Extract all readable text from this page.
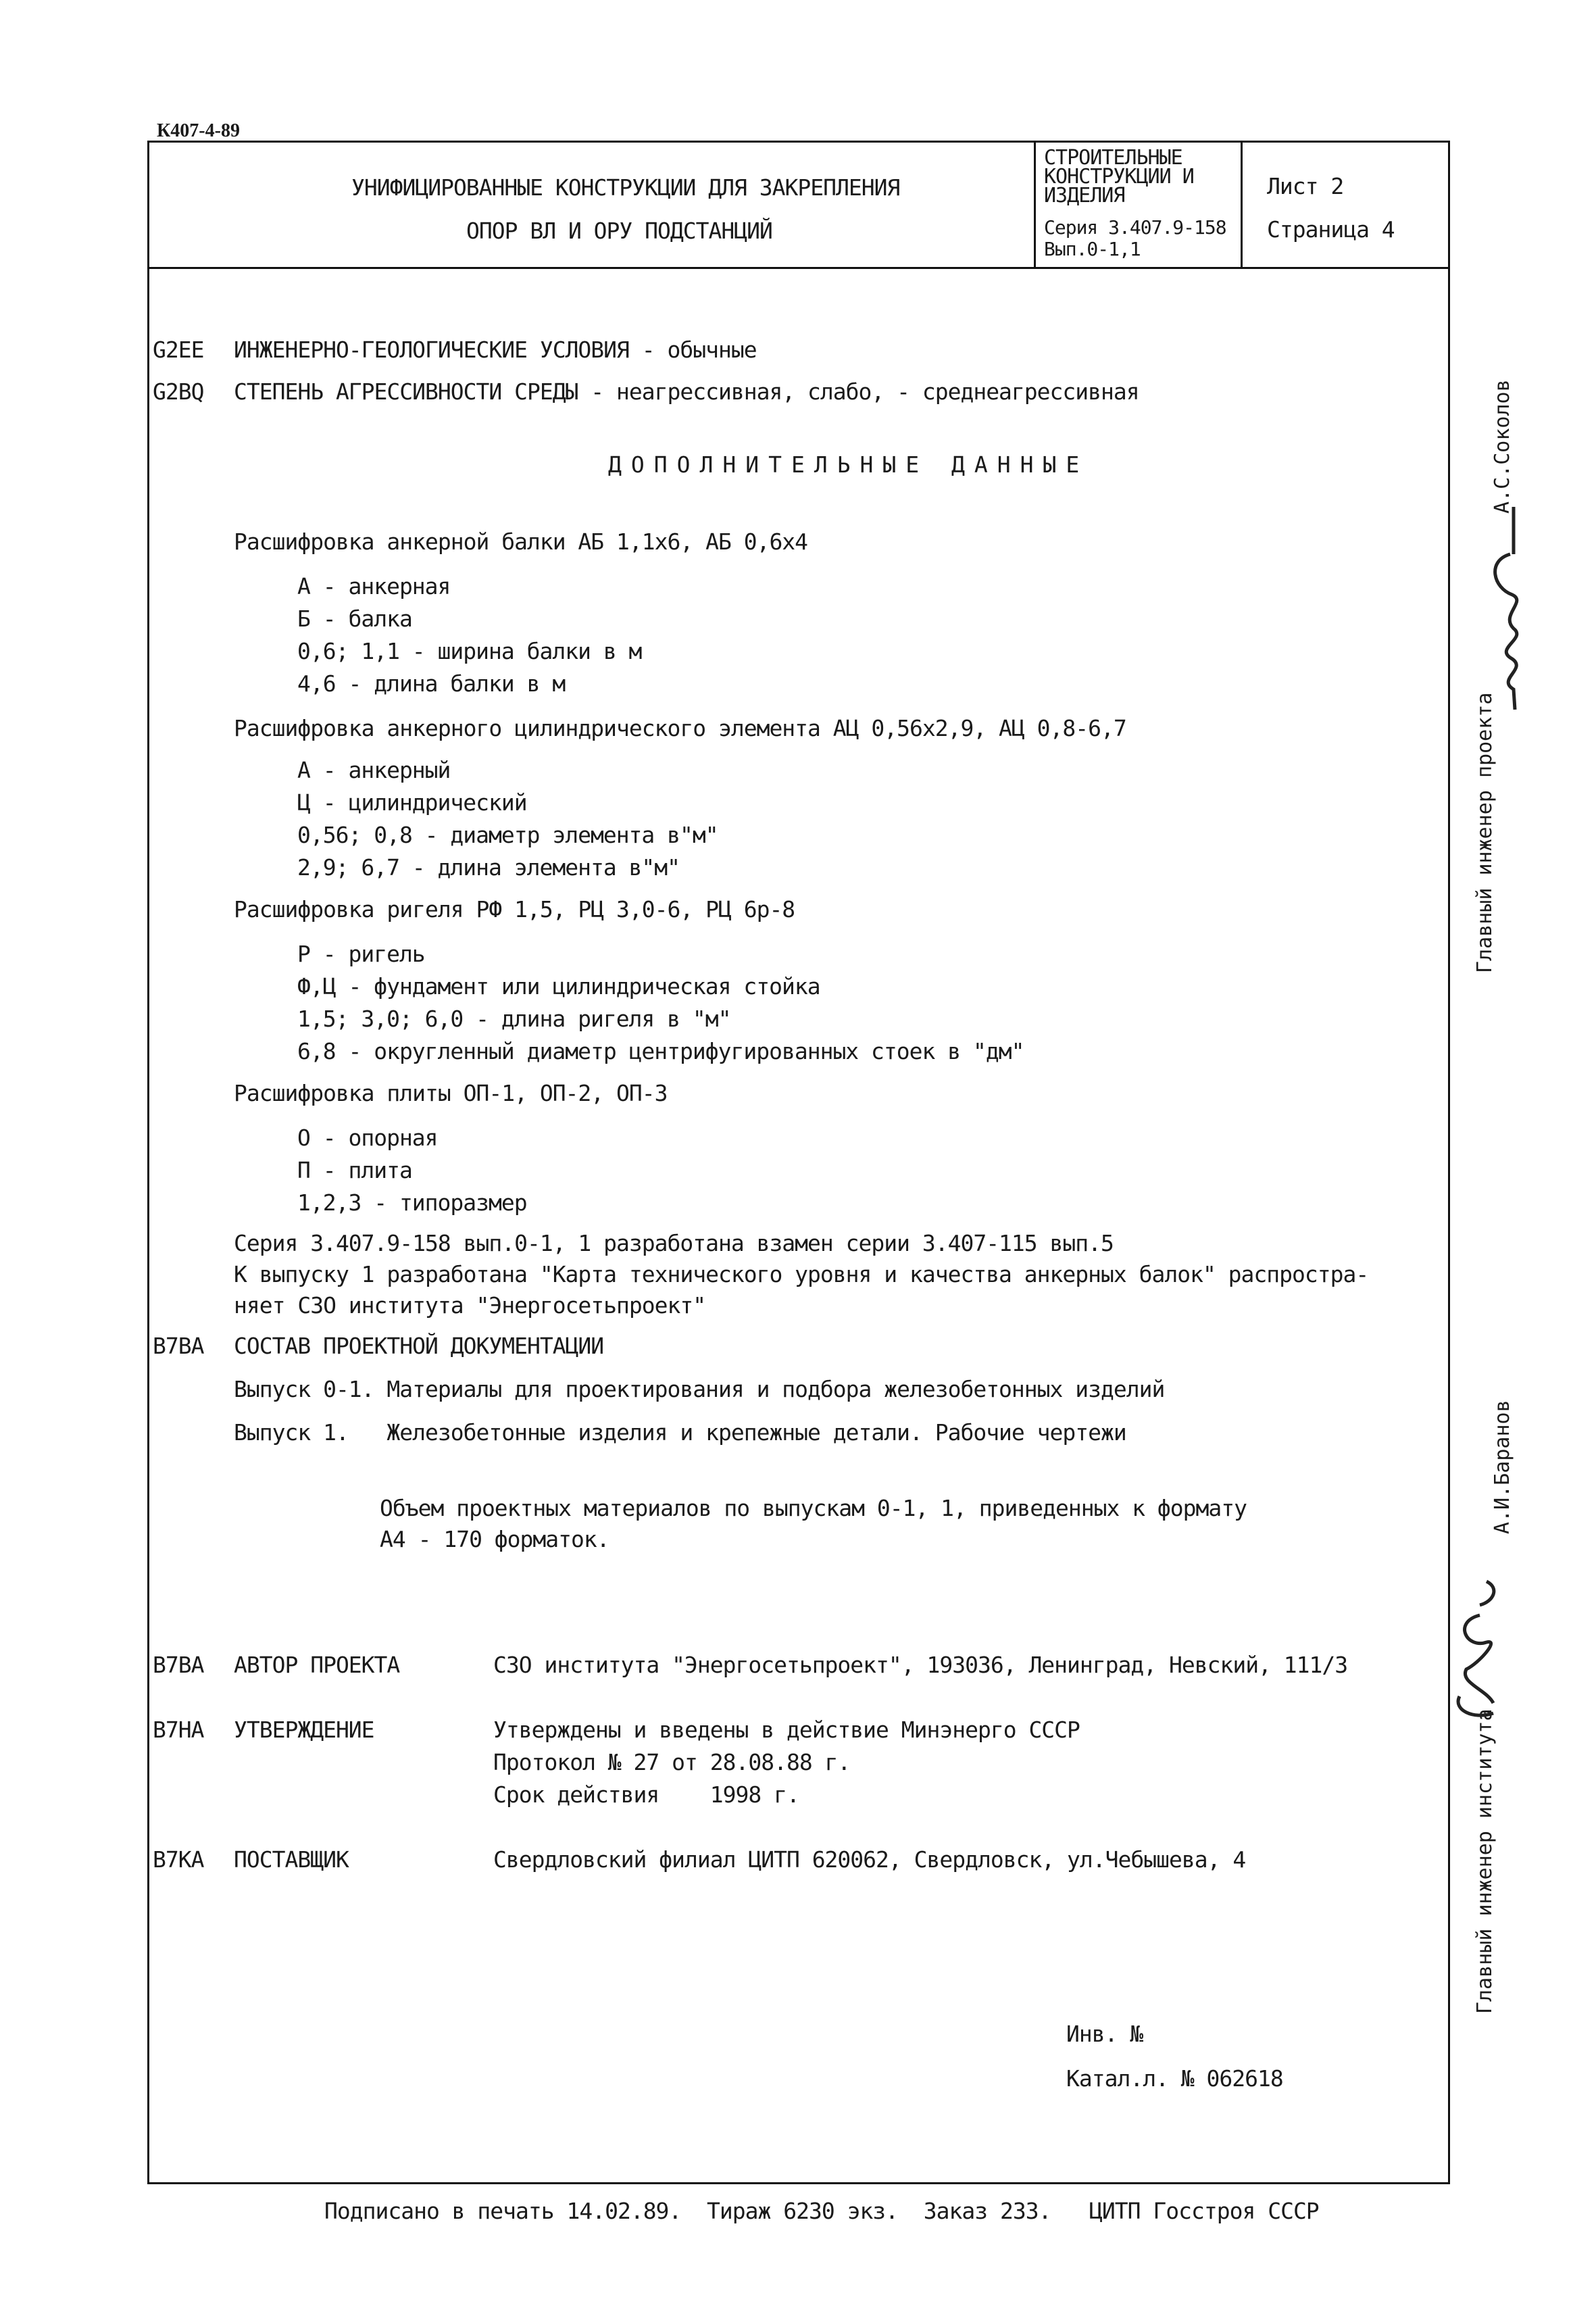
К407-4-89
УНИФИЦИРОВАННЫЕ КОНСТРУКЦИИ ДЛЯ ЗАКРЕПЛЕНИЯ
ОПОР ВЛ И ОРУ ПОДСТАНЦИЙ
СТРОИТЕЛЬНЫЕ
КОНСТРУКЦИИ И
ИЗДЕЛИЯ
Серия 3.407.9-158
Вып.0-1,1
Лист 2
Страница 4
G2EE ИНЖЕНЕРНО-ГЕОЛОГИЧЕСКИЕ УСЛОВИЯ - обычные
G2BQ СТЕПЕНЬ АГРЕССИВНОСТИ СРЕДЫ - неагрессивная, слабо, - среднеагрессивная
ДОПОЛНИТЕЛЬНЫЕ ДАННЫЕ
Расшифровка анкерной балки АБ 1,1х6, АБ 0,6х4
А - анкерная
Б - балка
0,6; 1,1 - ширина балки в м
4,6 - длина балки в м
Расшифровка анкерного цилиндрического элемента АЦ 0,56х2,9, АЦ 0,8-6,7
А - анкерный
Ц - цилиндрический
0,56; 0,8 - диаметр элемента в"м"
2,9; 6,7 - длина элемента в"м"
Расшифровка ригеля РФ 1,5, РЦ 3,0-6, РЦ 6р-8
Р - ригель
Ф,Ц - фундамент или цилиндрическая стойка
1,5; 3,0; 6,0 - длина ригеля в "м"
6,8 - округленный диаметр центрифугированных стоек в "дм"
Расшифровка плиты ОП-1, ОП-2, ОП-3
О - опорная
П - плита
1,2,3 - типоразмер
Серия 3.407.9-158 вып.0-1, 1 разработана взамен серии 3.407-115 вып.5
К выпуску 1 разработана "Карта технического уровня и качества анкерных балок" распростра-
няет СЗО института "Энергосетьпроект"
В7ВА СОСТАВ ПРОЕКТНОЙ ДОКУМЕНТАЦИИ
Выпуск 0-1. Материалы для проектирования и подбора железобетонных изделий
Выпуск 1.   Железобетонные изделия и крепежные детали. Рабочие чертежи
Объем проектных материалов по выпускам 0-1, 1, приведенных к формату
А4 - 170 форматок.
В7ВА АВТОР ПРОЕКТА	СЗО института "Энергосетьпроект", 193036, Ленинград, Невский, 111/3
В7НА УТВЕРЖДЕНИЕ	Утверждены и введены в действие Минэнерго СССР
Протокол № 27 от 28.08.88 г.
Срок действия    1998 г.
В7КА ПОСТАВЩИК	Свердловский филиал ЦИТП 620062, Свердловск, ул.Чебышева, 4
Инв. №
Катал.л. № 062618
Подписано в печать 14.02.89.  Тираж 6230 экз.  Заказ 233.   ЦИТП Госстроя СССР
А.С.Соколов
Главный инженер проекта
А.И.Баранов
Главный инженер института
